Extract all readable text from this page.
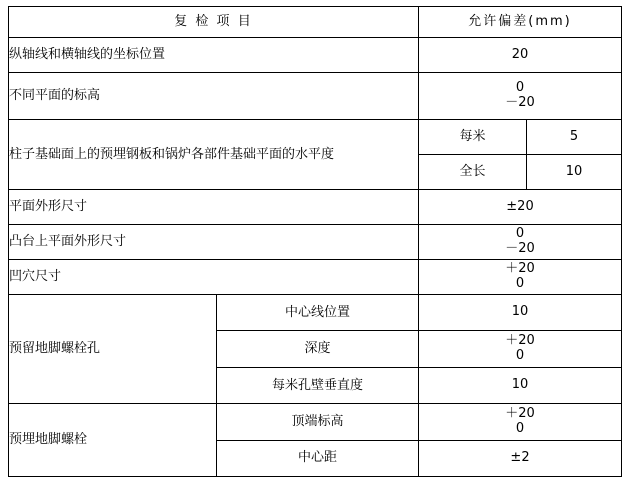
复 检 项 目		允许偏差(mm)	
纵轴线和横轴线的坐标位置		20	

不同平面的标高		0
－20	

柱子基础面上的预埋钢板和锅炉各部件基础平面的水平度		每米	5

		全长	10

平面外形尺寸		±20	

凸台上平面外形尺寸		0
－20	

凹穴尺寸		＋20
0	

预留地脚螺栓孔	中心线位置	10	

	深度	＋20
0	

	每米孔壁垂直度	10	

预埋地脚螺栓	顶端标高	＋20
0	

	中心距	±2	
